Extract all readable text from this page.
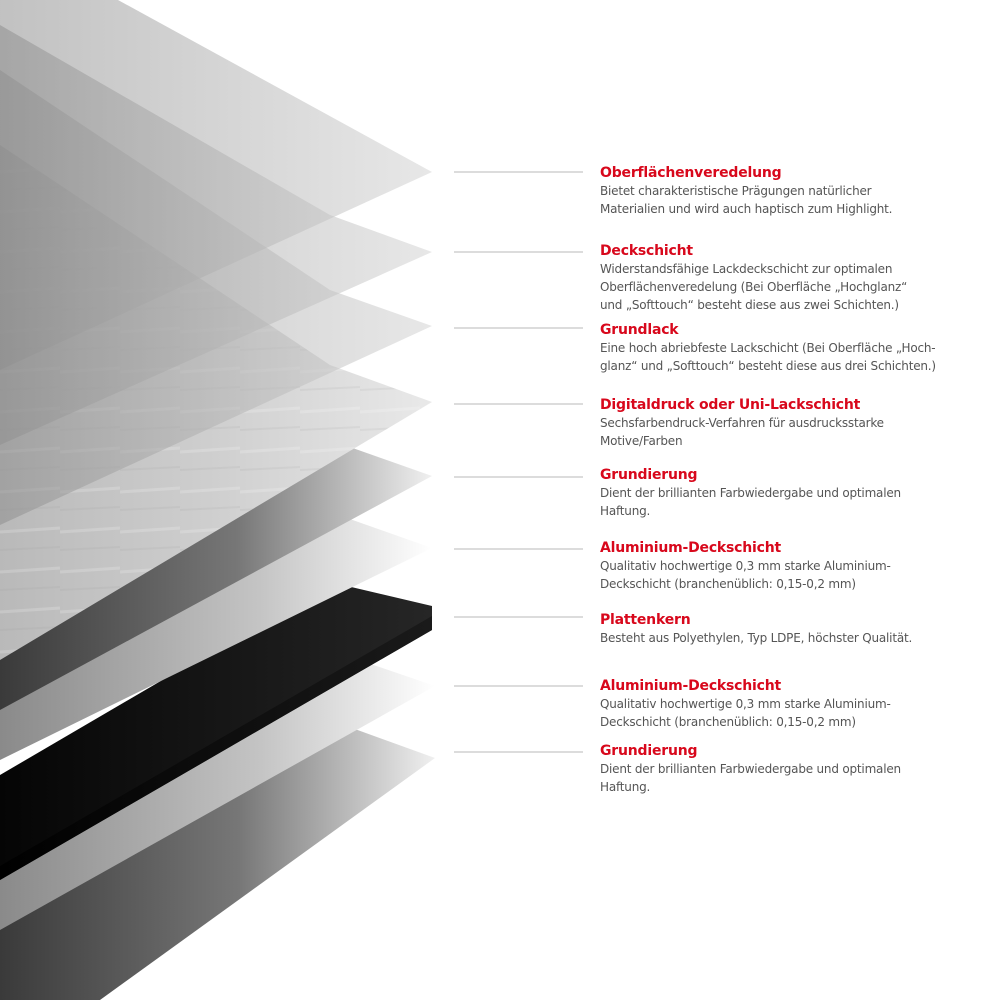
Oberflächenveredelung
Bietet charakteristische Prägungen natürlicher
Materialien und wird auch haptisch zum Highlight.
Deckschicht
Widerstandsfähige Lackdeckschicht zur optimalen
Oberflächenveredelung (Bei Oberfläche „Hochglanz“
und „Softtouch“ besteht diese aus zwei Schichten.)
Grundlack
Eine hoch abriebfeste Lackschicht (Bei Oberfläche „Hoch-
glanz“ und „Softtouch“ besteht diese aus drei Schichten.)
Digitaldruck oder Uni-Lackschicht
Sechsfarbendruck-Verfahren für ausdrucksstarke
Motive/Farben
Grundierung
Dient der brillianten Farbwiedergabe und optimalen
Haftung.
Aluminium-Deckschicht
Qualitativ hochwertige 0,3 mm starke Aluminium-
Deckschicht (branchenüblich: 0,15-0,2 mm)
Plattenkern
Besteht aus Polyethylen, Typ LDPE, höchster Qualität.
Aluminium-Deckschicht
Qualitativ hochwertige 0,3 mm starke Aluminium-
Deckschicht (branchenüblich: 0,15-0,2 mm)
Grundierung
Dient der brillianten Farbwiedergabe und optimalen
Haftung.
